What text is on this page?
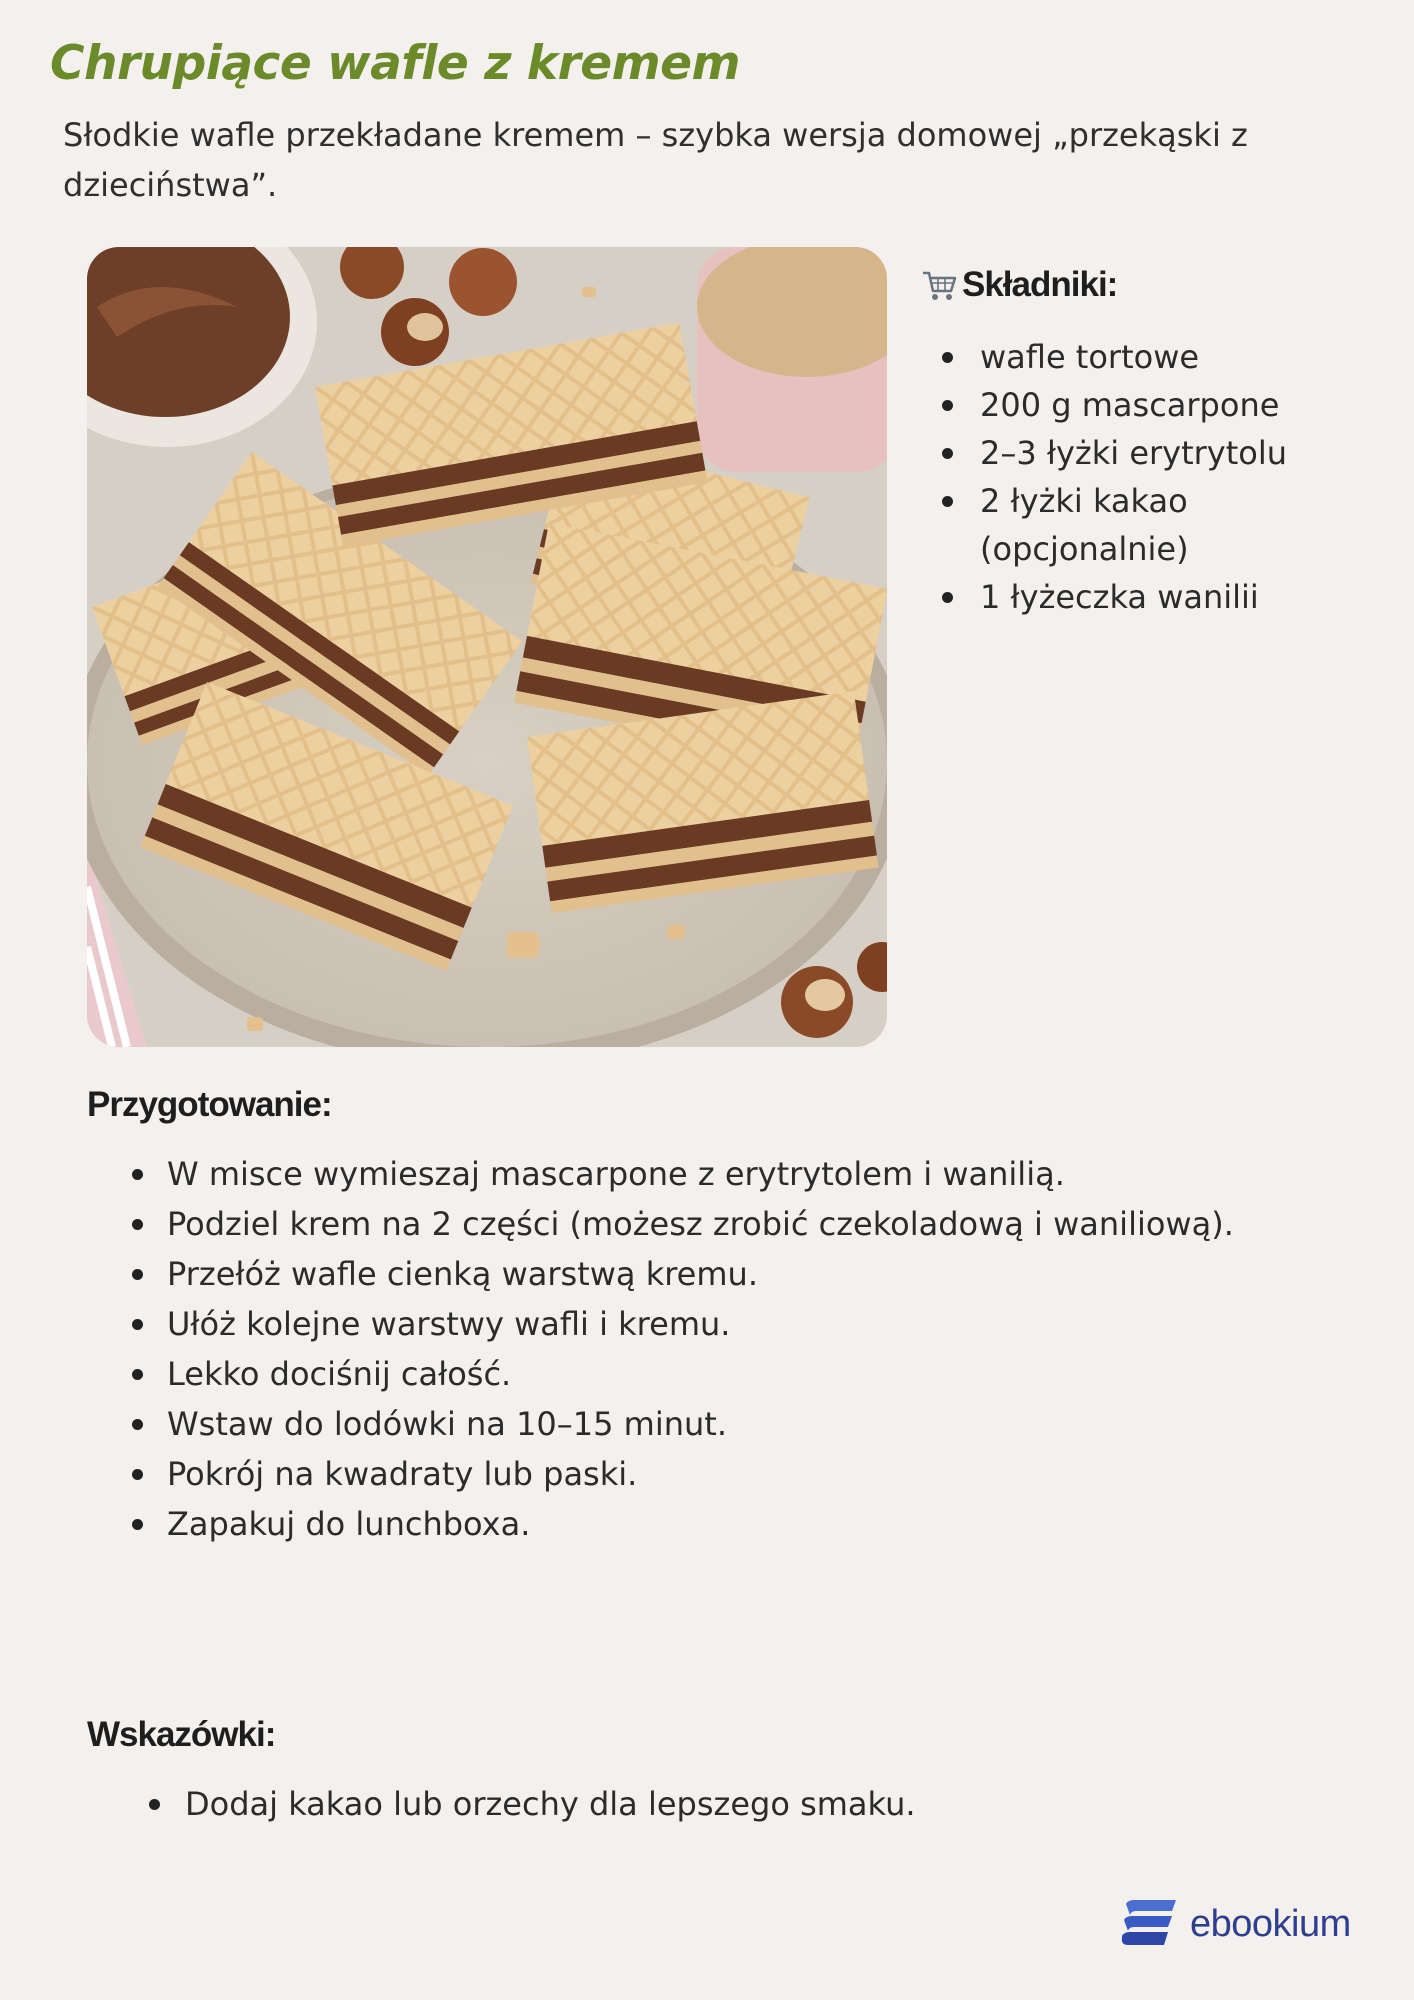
Chrupiące wafle z kremem

Słodkie wafle przekładane kremem – szybka wersja domowej „przekąski z dzieciństwa”.

Składniki:
wafle tortowe
200 g mascarpone
2–3 łyżki erytrytolu
2 łyżki kakao (opcjonalnie)
1 łyżeczka wanilii
Przygotowanie:
W misce wymieszaj mascarpone z erytrytolem i wanilią.
Podziel krem na 2 części (możesz zrobić czekoladową i waniliową).
Przełóż wafle cienką warstwą kremu.
Ułóż kolejne warstwy wafli i kremu.
Lekko dociśnij całość.
Wstaw do lodówki na 10–15 minut.
Pokrój na kwadraty lub paski.
Zapakuj do lunchboxa.
Wskazówki:
Dodaj kakao lub orzechy dla lepszego smaku.
ebookium
